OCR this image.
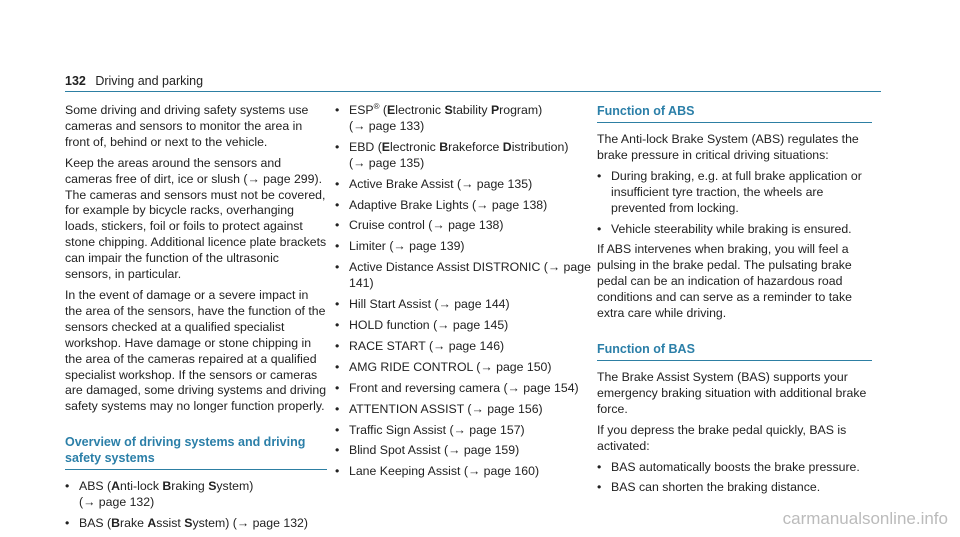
132 Driving and parking

Some driving and driving safety systems use cameras and sensors to monitor the area in front of, behind or next to the vehicle.

Keep the areas around the sensors and cameras free of dirt, ice or slush (→ page 299). The cameras and sensors must not be covered, for example by bicycle racks, overhanging loads, stickers, foil or foils to protect against stone chipping. Additional licence plate brackets can impair the function of the ultrasonic sensors, in particular.

In the event of damage or a severe impact in the area of the sensors, have the function of the sensors checked at a qualified specialist workshop. Have damage or stone chipping in the area of the cameras repaired at a qualified specialist workshop. If the sensors or cameras are damaged, some driving systems and driving safety systems may no longer function properly.

Overview of driving systems and driving safety systems
• ABS (Anti-lock Braking System)
(→ page 132)
• BAS (Brake Assist System) (→ page 132)
• ESP® (Electronic Stability Program)
(→ page 133)
• EBD (Electronic Brakeforce Distribution)
(→ page 135)
• Active Brake Assist (→ page 135)
• Adaptive Brake Lights (→ page 138)
• Cruise control (→ page 138)
• Limiter (→ page 139)
• Active Distance Assist DISTRONIC (→ page 141)
• Hill Start Assist (→ page 144)
• HOLD function (→ page 145)
• RACE START (→ page 146)
• AMG RIDE CONTROL (→ page 150)
• Front and reversing camera (→ page 154)
• ATTENTION ASSIST (→ page 156)
• Traffic Sign Assist (→ page 157)
• Blind Spot Assist (→ page 159)
• Lane Keeping Assist (→ page 160)
Function of ABS

The Anti-lock Brake System (ABS) regulates the brake pressure in critical driving situations:

• During braking, e.g. at full brake application or insufficient tyre traction, the wheels are prevented from locking.
• Vehicle steerability while braking is ensured.

If ABS intervenes when braking, you will feel a pulsing in the brake pedal. The pulsating brake pedal can be an indication of hazardous road conditions and can serve as a reminder to take extra care while driving.

Function of BAS

The Brake Assist System (BAS) supports your emergency braking situation with additional brake force.

If you depress the brake pedal quickly, BAS is activated:

• BAS automatically boosts the brake pressure.
• BAS can shorten the braking distance.
carmanualsonline.info
